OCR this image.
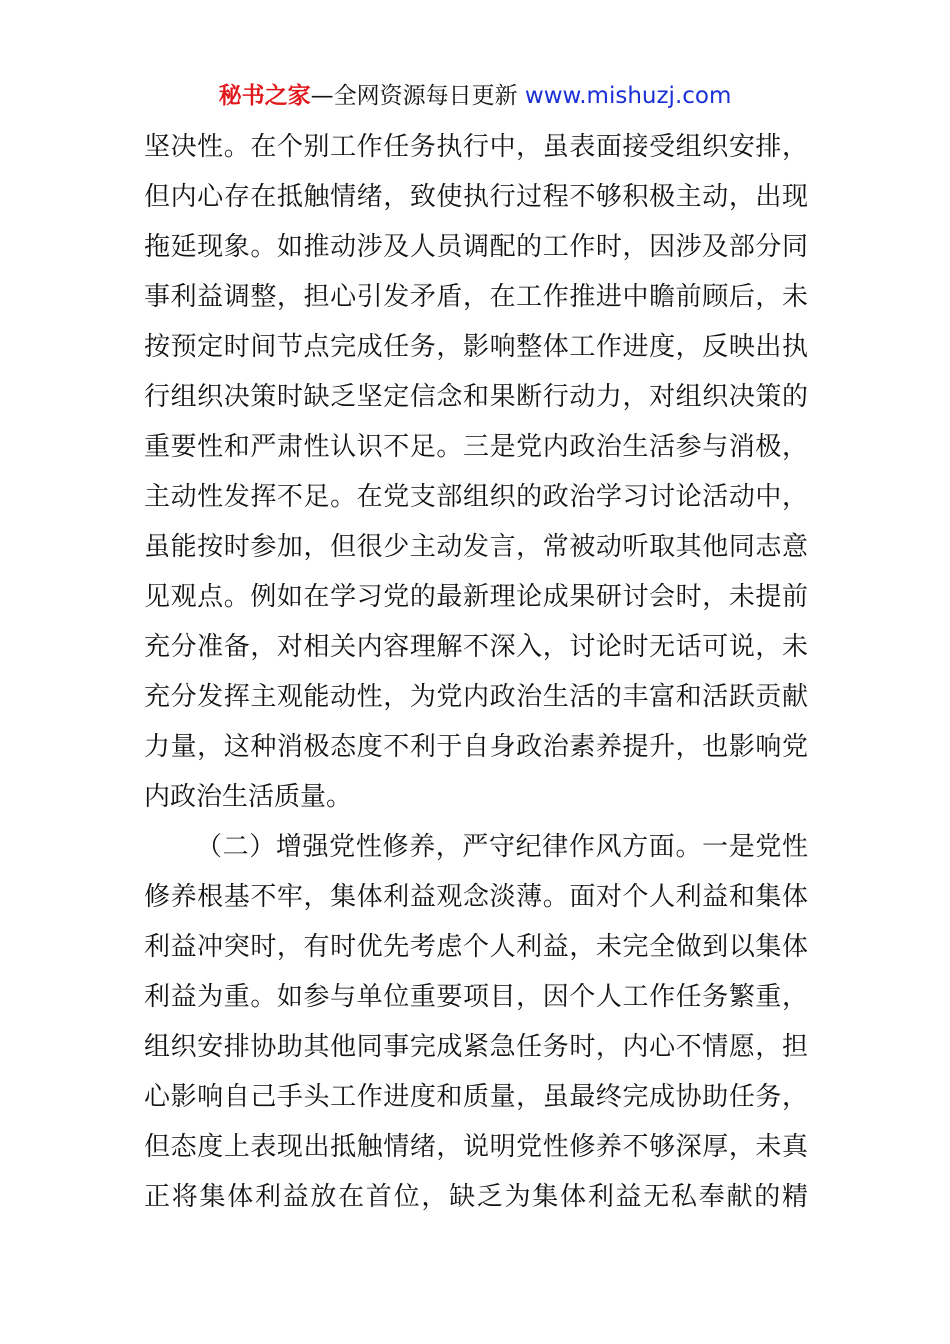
秘书之家—全网资源每日更新 www.mishuzj.com
坚决性。在个别工作任务执行中，虽表面接受组织安排，
但内心存在抵触情绪，致使执行过程不够积极主动，出现
拖延现象。如推动涉及人员调配的工作时，因涉及部分同
事利益调整，担心引发矛盾，在工作推进中瞻前顾后，未
按预定时间节点完成任务，影响整体工作进度，反映出执
行组织决策时缺乏坚定信念和果断行动力，对组织决策的
重要性和严肃性认识不足。三是党内政治生活参与消极，
主动性发挥不足。在党支部组织的政治学习讨论活动中，
虽能按时参加，但很少主动发言，常被动听取其他同志意
见观点。例如在学习党的最新理论成果研讨会时，未提前
充分准备，对相关内容理解不深入，讨论时无话可说，未
充分发挥主观能动性，为党内政治生活的丰富和活跃贡献
力量，这种消极态度不利于自身政治素养提升，也影响党
内政治生活质量。
（二）增强党性修养，严守纪律作风方面。一是党性
修养根基不牢，集体利益观念淡薄。面对个人利益和集体
利益冲突时，有时优先考虑个人利益，未完全做到以集体
利益为重。如参与单位重要项目，因个人工作任务繁重，
组织安排协助其他同事完成紧急任务时，内心不情愿，担
心影响自己手头工作进度和质量，虽最终完成协助任务，
但态度上表现出抵触情绪，说明党性修养不够深厚，未真
正将集体利益放在首位，缺乏为集体利益无私奉献的精
